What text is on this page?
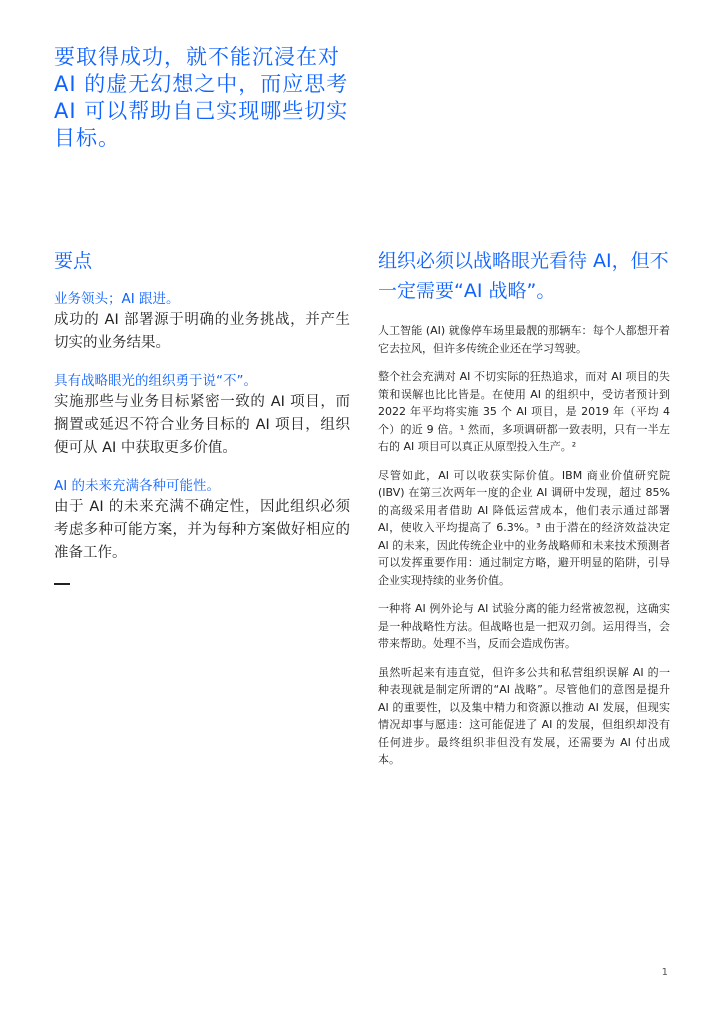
要取得成功，就不能沉浸在对 AI 的虚无幻想之中，而应思考 AI 可以帮助自己实现哪些切实目标。
要点

业务领头；AI 跟进。

成功的 AI 部署源于明确的业务挑战，并产生切实的业务结果。

具有战略眼光的组织勇于说“不”。

实施那些与业务目标紧密一致的 AI 项目，而搁置或延迟不符合业务目标的 AI 项目，组织便可从 AI 中获取更多价值。

AI 的未来充满各种可能性。

由于 AI 的未来充满不确定性，因此组织必须考虑多种可能方案，并为每种方案做好相应的准备工作。

组织必须以战略眼光看待 AI，但不一定需要“AI 战略”。

人工智能 (AI) 就像停车场里最靓的那辆车：每个人都想开着它去拉风，但许多传统企业还在学习驾驶。

整个社会充满对 AI 不切实际的狂热追求，而对 AI 项目的失策和误解也比比皆是。在使用 AI 的组织中，受访者预计到 2022 年平均将实施 35 个 AI 项目，是 2019 年（平均 4 个）的近 9 倍。¹ 然而，多项调研都一致表明，只有一半左右的 AI 项目可以真正从原型投入生产。²

尽管如此，AI 可以收获实际价值。IBM 商业价值研究院 (IBV) 在第三次两年一度的企业 AI 调研中发现，超过 85% 的高级采用者借助 AI 降低运营成本，他们表示通过部署 AI，使收入平均提高了 6.3%。³ 由于潜在的经济效益决定 AI 的未来，因此传统企业中的业务战略师和未来技术预测者可以发挥重要作用：通过制定方略，避开明显的陷阱，引导企业实现持续的业务价值。

一种将 AI 例外论与 AI 试验分离的能力经常被忽视，这确实是一种战略性方法。但战略也是一把双刃剑。运用得当，会带来帮助。处理不当，反而会造成伤害。

虽然听起来有违直觉，但许多公共和私营组织误解 AI 的一种表现就是制定所谓的“AI 战略”。尽管他们的意图是提升 AI 的重要性，以及集中精力和资源以推动 AI 发展，但现实情况却事与愿违：这可能促进了 AI 的发展，但组织却没有任何进步。最终组织非但没有发展，还需要为 AI 付出成本。

1
